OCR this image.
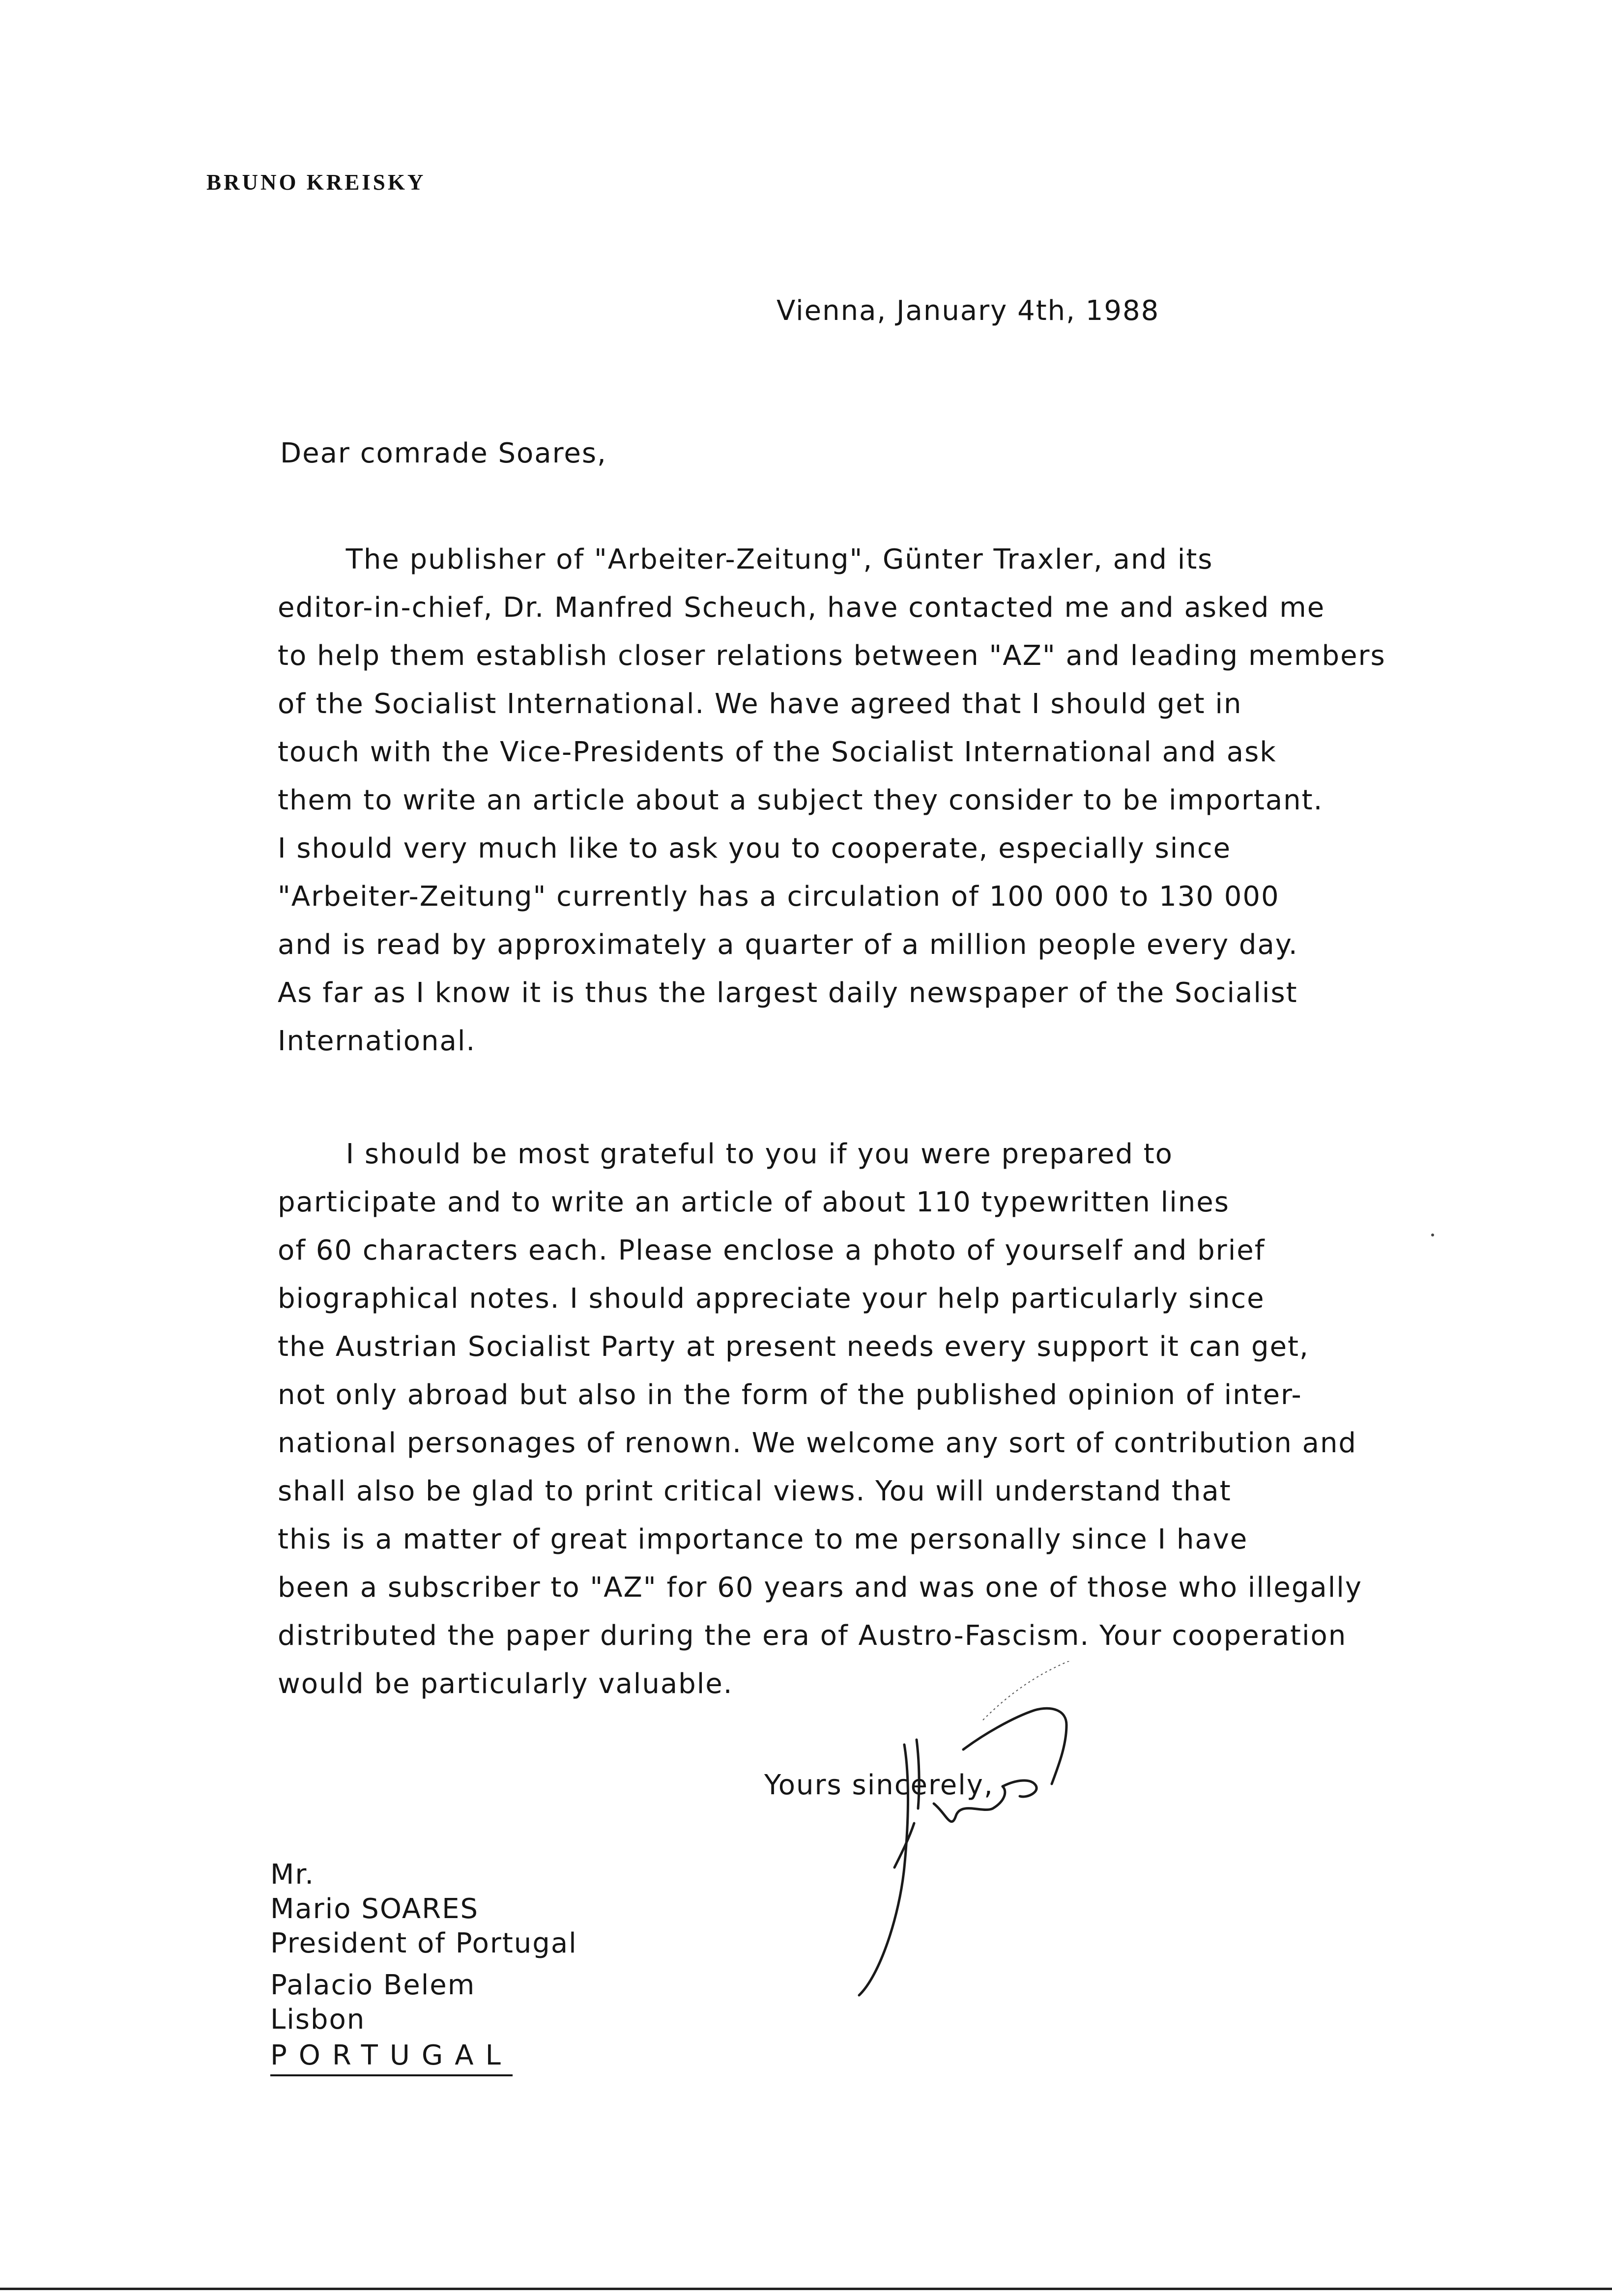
BRUNO KREISKY
Vienna, January 4th, 1988
Dear comrade Soares,
The publisher of "Arbeiter-Zeitung", Günter Traxler, and its
editor-in-chief, Dr. Manfred Scheuch, have contacted me and asked me
to help them establish closer relations between "AZ" and leading members
of the Socialist International. We have agreed that I should get in
touch with the Vice-Presidents of the Socialist International and ask
them to write an article about a subject they consider to be important.
I should very much like to ask you to cooperate, especially since
"Arbeiter-Zeitung" currently has a circulation of 100 000 to 130 000
and is read by approximately a quarter of a million people every day.
As far as I know it is thus the largest daily newspaper of the Socialist
International.
I should be most grateful to you if you were prepared to
participate and to write an article of about 110 typewritten lines
of 60 characters each. Please enclose a photo of yourself and brief
biographical notes. I should appreciate your help particularly since
the Austrian Socialist Party at present needs every support it can get,
not only abroad but also in the form of the published opinion of inter-
national personages of renown. We welcome any sort of contribution and
shall also be glad to print critical views. You will understand that
this is a matter of great importance to me personally since I have
been a subscriber to "AZ" for 60 years and was one of those who illegally
distributed the paper during the era of Austro-Fascism. Your cooperation
would be particularly valuable.
Yours sincerely,
Mr.
Mario SOARES
President of Portugal
Palacio Belem
Lisbon
PORTUGAL
